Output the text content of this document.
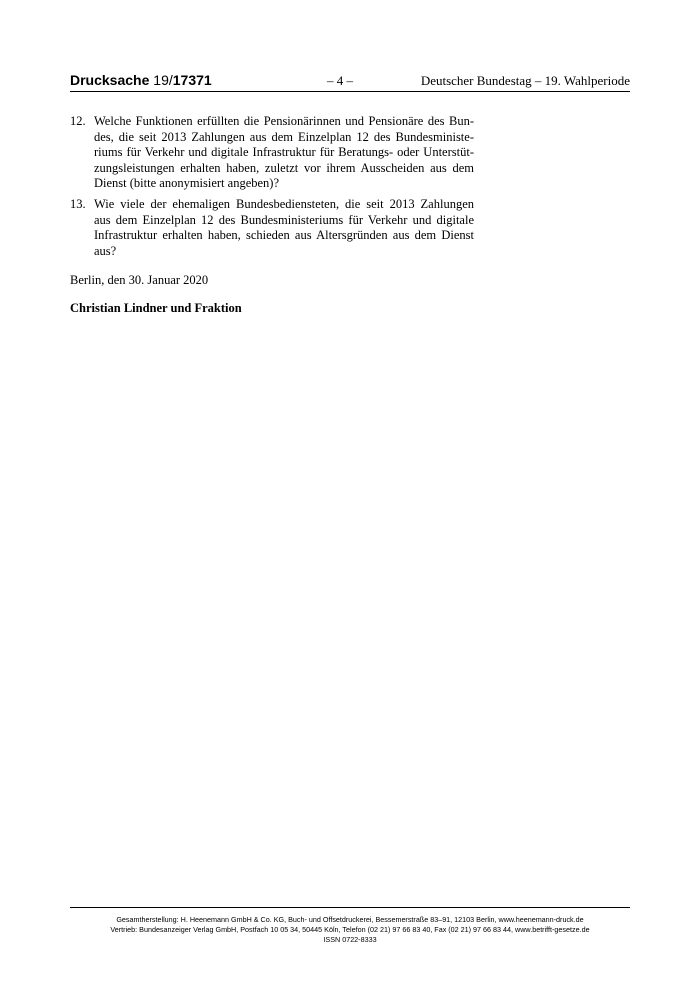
Drucksache 19/17371	– 4 –	Deutscher Bundestag – 19. Wahlperiode
12. Welche Funktionen erfüllten die Pensionärinnen und Pensionäre des Bun-
des, die seit 2013 Zahlungen aus dem Einzelplan 12 des Bundesministe-
riums für Verkehr und digitale Infrastruktur für Beratungs- oder Unterstüt-
zungsleistungen erhalten haben, zuletzt vor ihrem Ausscheiden aus dem
Dienst (bitte anonymisiert angeben)?
13. Wie viele der ehemaligen Bundesbediensteten, die seit 2013 Zahlungen
aus dem Einzelplan 12 des Bundesministeriums für Verkehr und digitale
Infrastruktur erhalten haben, schieden aus Altersgründen aus dem Dienst
aus?
Berlin, den 30. Januar 2020
Christian Lindner und Fraktion
Gesamtherstellung: H. Heenemann GmbH & Co. KG, Buch- und Offsetdruckerei, Bessemerstraße 83–91, 12103 Berlin, www.heenemann-druck.de
Vertrieb: Bundesanzeiger Verlag GmbH, Postfach 10 05 34, 50445 Köln, Telefon (02 21) 97 66 83 40, Fax (02 21) 97 66 83 44, www.betrifft-gesetze.de
ISSN 0722-8333
